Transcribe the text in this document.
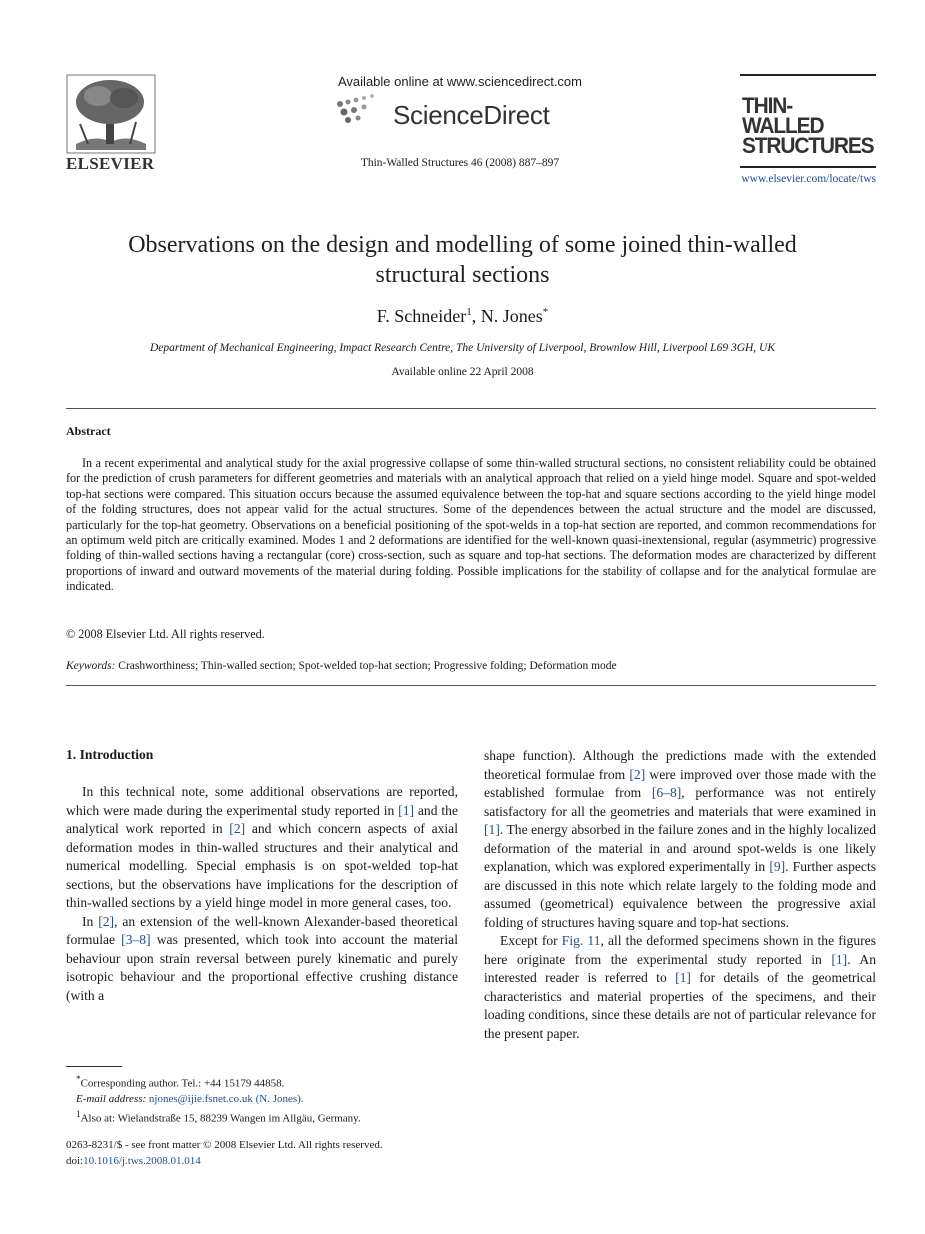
ELSEVIER
Available online at www.sciencedirect.com
ScienceDirect
Thin-Walled Structures 46 (2008) 887–897
THIN-WALLED
STRUCTURES
www.elsevier.com/locate/tws
Observations on the design and modelling of some joined thin-walled
structural sections
F. Schneider$^1$, N. Jones*
Department of Mechanical Engineering, Impact Research Centre, The University of Liverpool, Brownlow Hill, Liverpool L69 3GH, UK
Available online 22 April 2008
Abstract
In a recent experimental and analytical study for the axial progressive collapse of some thin-walled structural sections, no consistent reliability could be obtained for the prediction of crush parameters for different geometries and materials with an analytical approach that relied on a yield hinge model. Square and spot-welded top-hat sections were compared. This situation occurs because the assumed equivalence between the top-hat and square sections according to the yield hinge model of the folding structures, does not appear valid for the actual structures. Some of the dependences between the actual structure and the model are discussed, particularly for the top-hat geometry. Observations on a beneficial positioning of the spot-welds in a top-hat section are reported, and common recommendations for an optimum weld pitch are critically examined. Modes 1 and 2 deformations are identified for the well-known quasi-inextensional, regular (asymmetric) progressive folding of thin-walled sections having a rectangular (core) cross-section, such as square and top-hat sections. The deformation modes are characterized by different proportions of inward and outward movements of the material during folding. Possible implications for the stability of collapse and for the analytical formulae are indicated.
© 2008 Elsevier Ltd. All rights reserved.
Keywords: Crashworthiness; Thin-walled section; Spot-welded top-hat section; Progressive folding; Deformation mode
1. Introduction

In this technical note, some additional observations are reported, which were made during the experimental study reported in [1] and the analytical work reported in [2] and which concern aspects of axial deformation modes in thin-walled structures and their analytical and numerical modelling. Special emphasis is on spot-welded top-hat sections, but the observations have implications for the description of thin-walled sections by a yield hinge model in more general cases, too.

In [2], an extension of the well-known Alexander-based theoretical formulae [3–8] was presented, which took into account the material behaviour upon strain reversal between purely kinematic and purely isotropic behaviour and the proportional effective crushing distance (with a

shape function). Although the predictions made with the extended theoretical formulae from [2] were improved over those made with the established formulae from [6–8], performance was not entirely satisfactory for all the geometries and materials that were examined in [1]. The energy absorbed in the failure zones and in the highly localized deformation of the material in and around spot-welds is one likely explanation, which was explored experimentally in [9]. Further aspects are discussed in this note which relate largely to the folding mode and assumed (geometrical) equivalence between the progressive axial folding of structures having square and top-hat sections.

Except for Fig. 11, all the deformed specimens shown in the figures here originate from the experimental study reported in [1]. An interested reader is referred to [1] for details of the geometrical characteristics and material properties of the specimens, and their loading conditions, since these details are not of particular relevance for the present paper.

*Corresponding author. Tel.: +44 15179 44858.
E-mail address: njones@ijie.fsnet.co.uk (N. Jones).
$^1$Also at: Wielandstraße 15, 88239 Wangen im Allgäu, Germany.
0263-8231/$ - see front matter © 2008 Elsevier Ltd. All rights reserved.
doi:10.1016/j.tws.2008.01.014
